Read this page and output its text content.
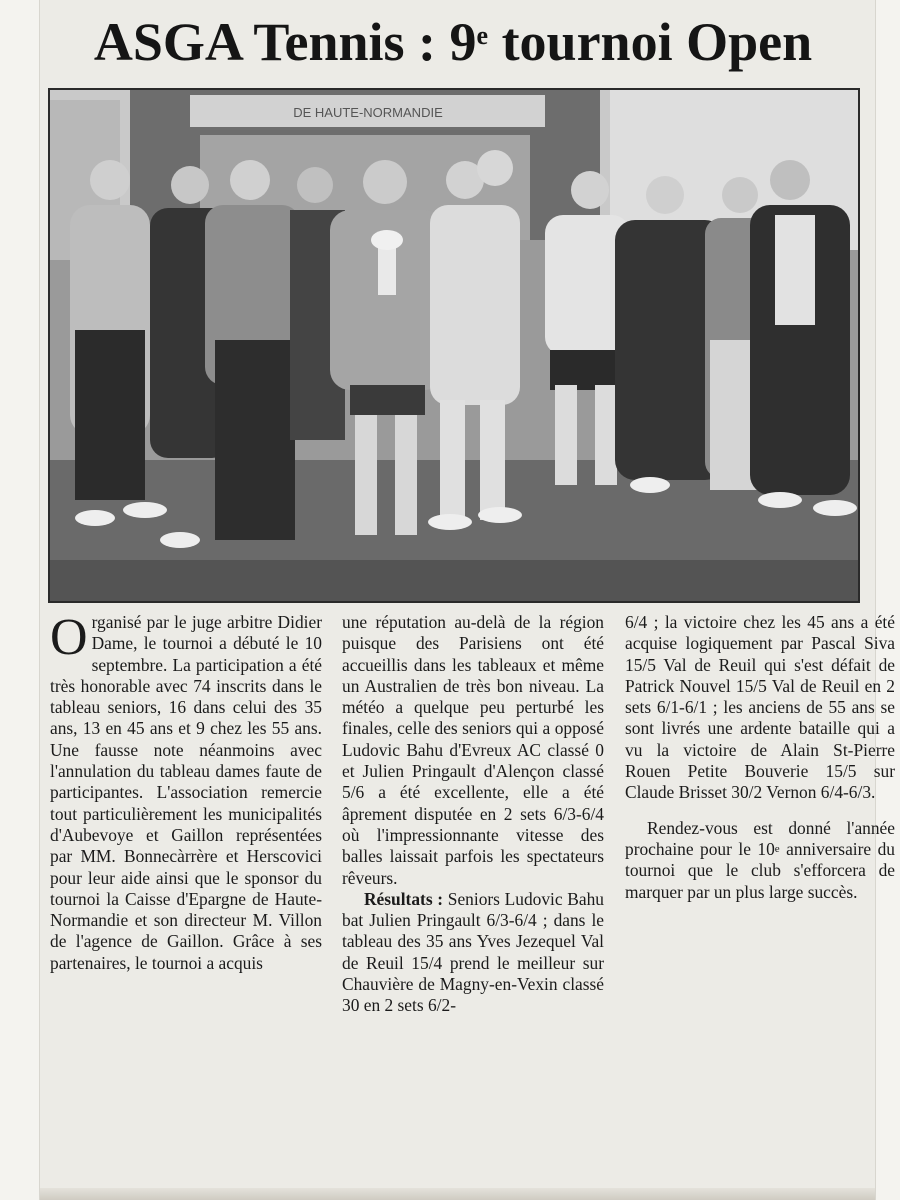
ASGA Tennis : 9e tournoi Open
DE HAUTE-NORMANDIE

Organisé par le juge arbitre Didier Dame, le tournoi a débuté le 10 septembre. La participation a été très honorable avec 74 inscrits dans le tableau seniors, 16 dans celui des 35 ans, 13 en 45 ans et 9 chez les 55 ans. Une fausse note néanmoins avec l'annulation du tableau dames faute de participantes. L'association remercie tout particulièrement les municipalités d'Aubevoye et Gaillon représentées par MM. Bonnecàrrère et Herscovici pour leur aide ainsi que le sponsor du tournoi la Caisse d'Epargne de Haute-Normandie et son directeur M. Villon de l'agence de Gaillon. Grâce à ses partenaires, le tournoi a acquis

une réputation au-delà de la région puisque des Parisiens ont été accueillis dans les tableaux et même un Australien de très bon niveau. La météo a quelque peu perturbé les finales, celle des seniors qui a opposé Ludovic Bahu d'Evreux AC classé 0 et Julien Pringault d'Alençon classé 5/6 a été excellente, elle a été âprement disputée en 2 sets 6/3-6/4 où l'impressionnante vitesse des balles laissait parfois les spectateurs rêveurs.

Résultats : Seniors Ludovic Bahu bat Julien Pringault 6/3-6/4 ; dans le tableau des 35 ans Yves Jezequel Val de Reuil 15/4 prend le meilleur sur Chauvière de Magny-en-Vexin classé 30 en 2 sets 6/2-

6/4 ; la victoire chez les 45 ans a été acquise logiquement par Pascal Siva 15/5 Val de Reuil qui s'est défait de Patrick Nouvel 15/5 Val de Reuil en 2 sets 6/1-6/1 ; les anciens de 55 ans se sont livrés une ardente bataille qui a vu la victoire de Alain St-Pierre Rouen Petite Bouverie 15/5 sur Claude Brisset 30/2 Vernon 6/4-6/3.

Rendez-vous est donné l'année prochaine pour le 10e anniversaire du tournoi que le club s'efforcera de marquer par un plus large succès.
